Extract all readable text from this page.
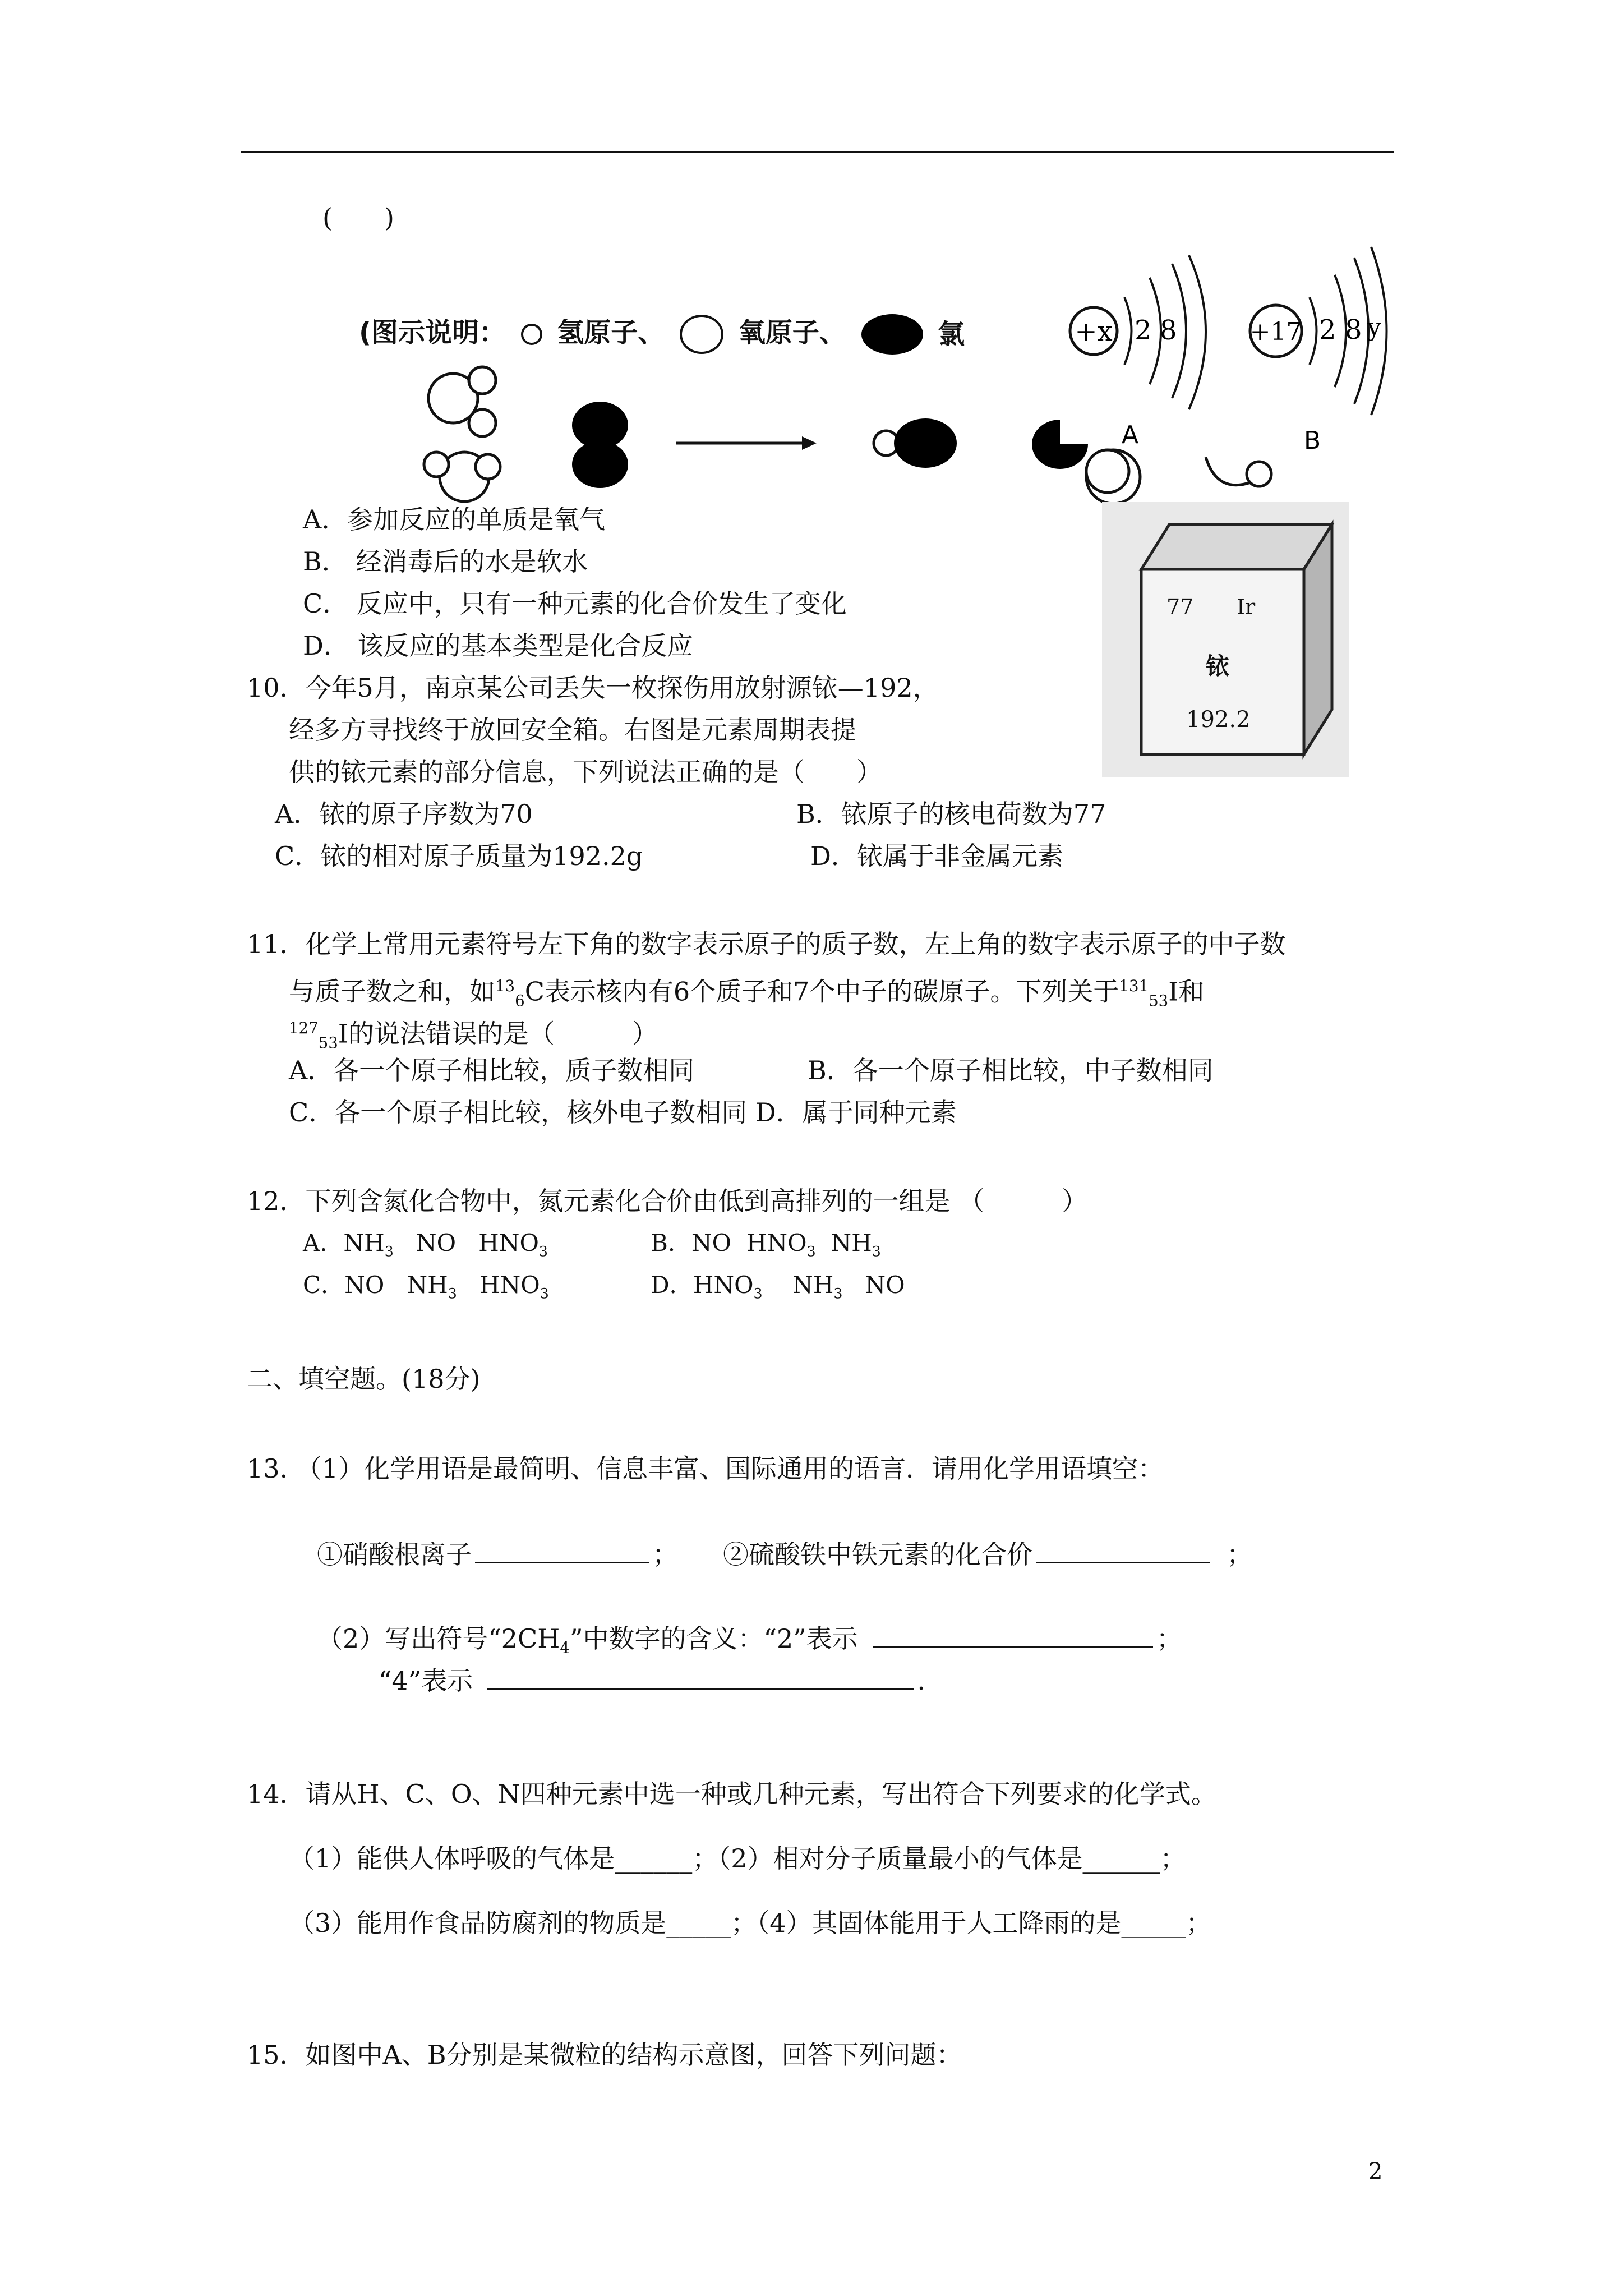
(　　)
(图示说明： 氢原子、	氧原子、	氯	+x 2 8
A
+17 2 8 y
B
77 Ir
铱
192.2
A．参加反应的单质是氧气
B． 经消毒后的水是软水
C． 反应中，只有一种元素的化合价发生了变化
D． 该反应的基本类型是化合反应
10．今年5月，南京某公司丢失一枚探伤用放射源铱—192，
经多方寻找终于放回安全箱。右图是元素周期表提
供的铱元素的部分信息，下列说法正确的是（　　）
A．铱的原子序数为70	B．铱原子的核电荷数为77
C．铱的相对原子质量为192.2g	D．铱属于非金属元素
11．化学上常用元素符号左下角的数字表示原子的质子数，左上角的数字表示原子的中子数
与质子数之和，如$^{13}_6$C表示核内有6个质子和7个中子的碳原子。下列关于$^{131}_{53}$I和
$^{127}_{53}$I的说法错误的是（　　　）
A．各一个原子相比较，质子数相同	B．各一个原子相比较，中子数相同
C．各一个原子相比较，核外电子数相同 D．属于同种元素
12．下列含氮化合物中，氮元素化合价由低到高排列的一组是 （　　　）
A．$NH_3$ NO $HNO_3$	B．NO $HNO_3$ $NH_3$
C．NO $NH_3$ $HNO_3$	D．$HNO_3$ $NH_3$ NO
二、填空题。(18分)
13. （1）化学用语是最简明、信息丰富、国际通用的语言．请用化学用语填空：
①硝酸根离子	； ②硫酸铁中铁元素的化合价	；
（2）写出符号“$2CH_4$”中数字的含义：“2”表示	；
“4”表示	.
14．请从H、C、O、N四种元素中选一种或几种元素，写出符合下列要求的化学式。
（1）能供人体呼吸的气体是______；（2）相对分子质量最小的气体是______；
（3）能用作食品防腐剂的物质是_____；（4）其固体能用于人工降雨的是_____；
15．如图中A、B分别是某微粒的结构示意图，回答下列问题：
2
